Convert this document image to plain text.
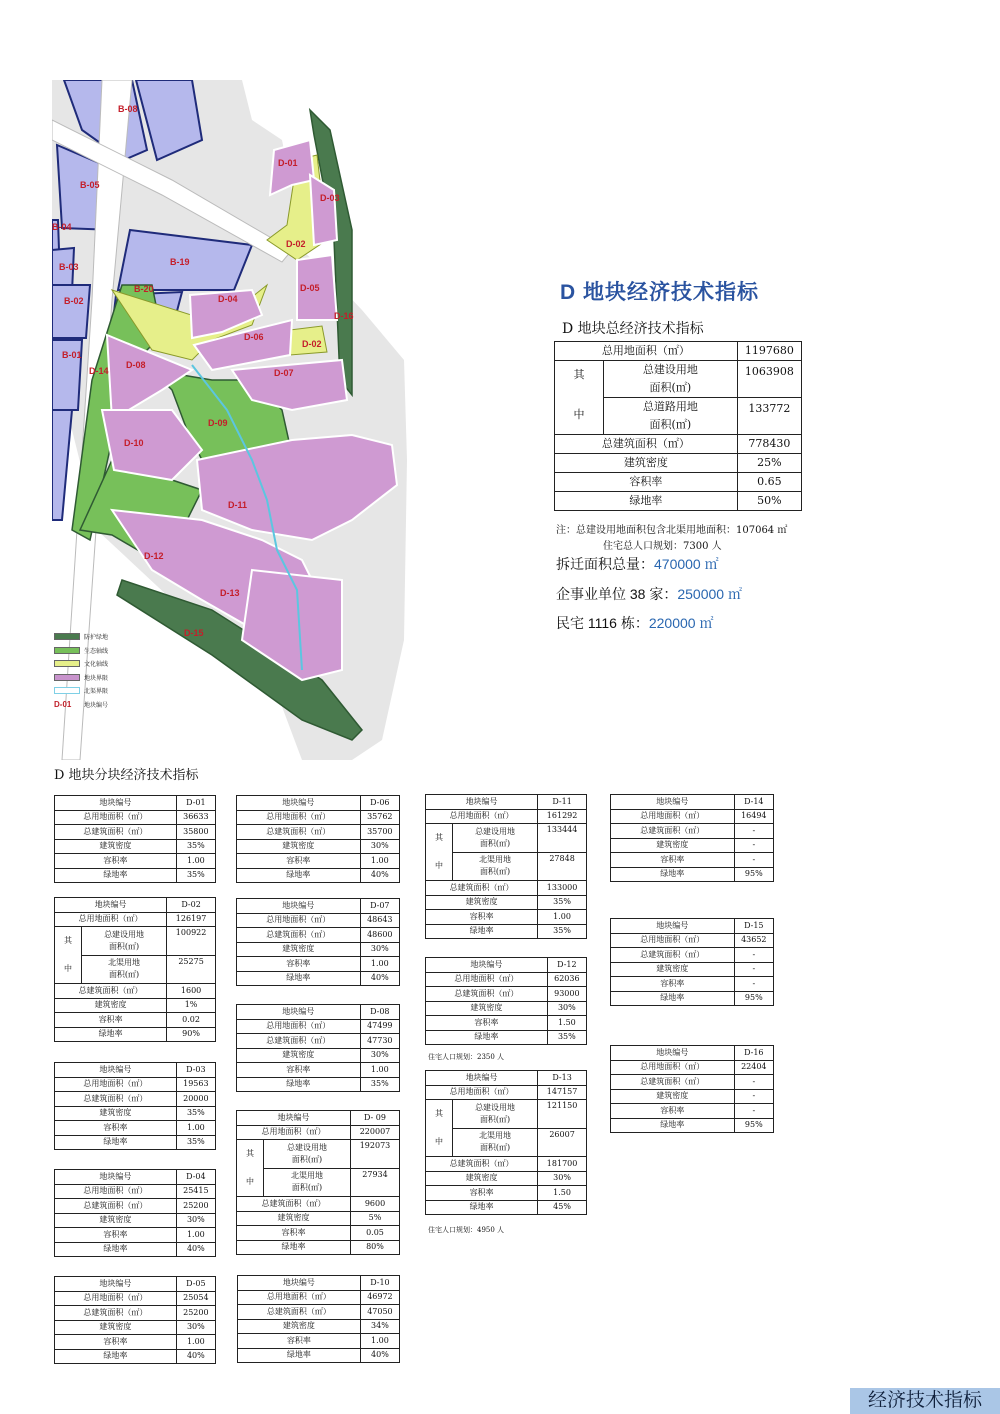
B-08
B-05
B-04
B-03
B-02
B-01
B-19
B-20
D-01
D-03
D-02
D-05
D-16
D-04
D-06
D-02
D-08
D-14	D-07
D-09
D-10
D-11
D-12
D-13
D-15
防护绿地
生态轴线
文化轴线
地块界限
北渠界限
D-01	地块编号
D 地块经济技术指标
D 地块总经济技术指标
总用地面积（㎡）		1197680
其

中	总建设用地
面积(㎡)	1063908
	总道路用地
面积(㎡)	133772
总建筑面积（㎡）		778430
建筑密度		25%
容积率		0.65
绿地率		50%
注：总建设用地面积包含北渠用地面积：107064 ㎡
住宅总人口规划：7300 人
拆迁面积总量：470000 ㎡
企事业单位 38 家：250000 ㎡
民宅 1116 栋：220000 ㎡
D 地块分块经济技术指标
地块编号	D-01
总用地面积（㎡）	36633
总建筑面积（㎡）	35800
建筑密度	35%
容积率	1.00
绿地率	35%
地块编号		D-02
总用地面积（㎡）		126197
其
中	总建设用地
面积(㎡)	100922
	北渠用地
面积(㎡)	25275
总建筑面积（㎡）		1600
建筑密度		1%
容积率		0.02
绿地率		90%
地块编号	D-03
总用地面积（㎡）	19563
总建筑面积（㎡）	20000
建筑密度	35%
容积率	1.00
绿地率	35%
地块编号	D-04
总用地面积（㎡）	25415
总建筑面积（㎡）	25200
建筑密度	30%
容积率	1.00
绿地率	40%
地块编号	D-05
总用地面积（㎡）	25054
总建筑面积（㎡）	25200
建筑密度	30%
容积率	1.00
绿地率	40%
地块编号	D-06
总用地面积（㎡）	35762
总建筑面积（㎡）	35700
建筑密度	30%
容积率	1.00
绿地率	40%
地块编号	D-07
总用地面积（㎡）	48643
总建筑面积（㎡）	48600
建筑密度	30%
容积率	1.00
绿地率	40%
地块编号	D-08
总用地面积（㎡）	47499
总建筑面积（㎡）	47730
建筑密度	30%
容积率	1.00
绿地率	35%
地块编号		D- 09
总用地面积（㎡）		220007
其
中	总建设用地
面积(㎡)	192073
	北渠用地
面积(㎡)	27934
总建筑面积（㎡）		9600
建筑密度		5%
容积率		0.05
绿地率		80%
地块编号	D-10
总用地面积（㎡）	46972
总建筑面积（㎡）	47050
建筑密度	34%
容积率	1.00
绿地率	40%
地块编号		D-11
总用地面积（㎡）		161292
其
中	总建设用地
面积(㎡)	133444
	北渠用地
面积(㎡)	27848
总建筑面积（㎡）		133000
建筑密度		35%
容积率		1.00
绿地率		35%
地块编号	D-12
总用地面积（㎡）	62036
总建筑面积（㎡）	93000
建筑密度	30%
容积率	1.50
绿地率	35%
地块编号		D-13
总用地面积（㎡）		147157
其
中	总建设用地
面积(㎡)	121150
	北渠用地
面积(㎡)	26007
总建筑面积（㎡）		181700
建筑密度		30%
容积率		1.50
绿地率		45%
地块编号	D-14
总用地面积（㎡）	16494
总建筑面积（㎡）	-
建筑密度	-
容积率	-
绿地率	95%
地块编号	D-15
总用地面积（㎡）	43652
总建筑面积（㎡）	-
建筑密度	-
容积率	-
绿地率	95%
地块编号	D-16
总用地面积（㎡）	22404
总建筑面积（㎡）	-
建筑密度	-
容积率	-
绿地率	95%
住宅人口规划：2350 人
住宅人口规划：4950 人
经济技术指标
